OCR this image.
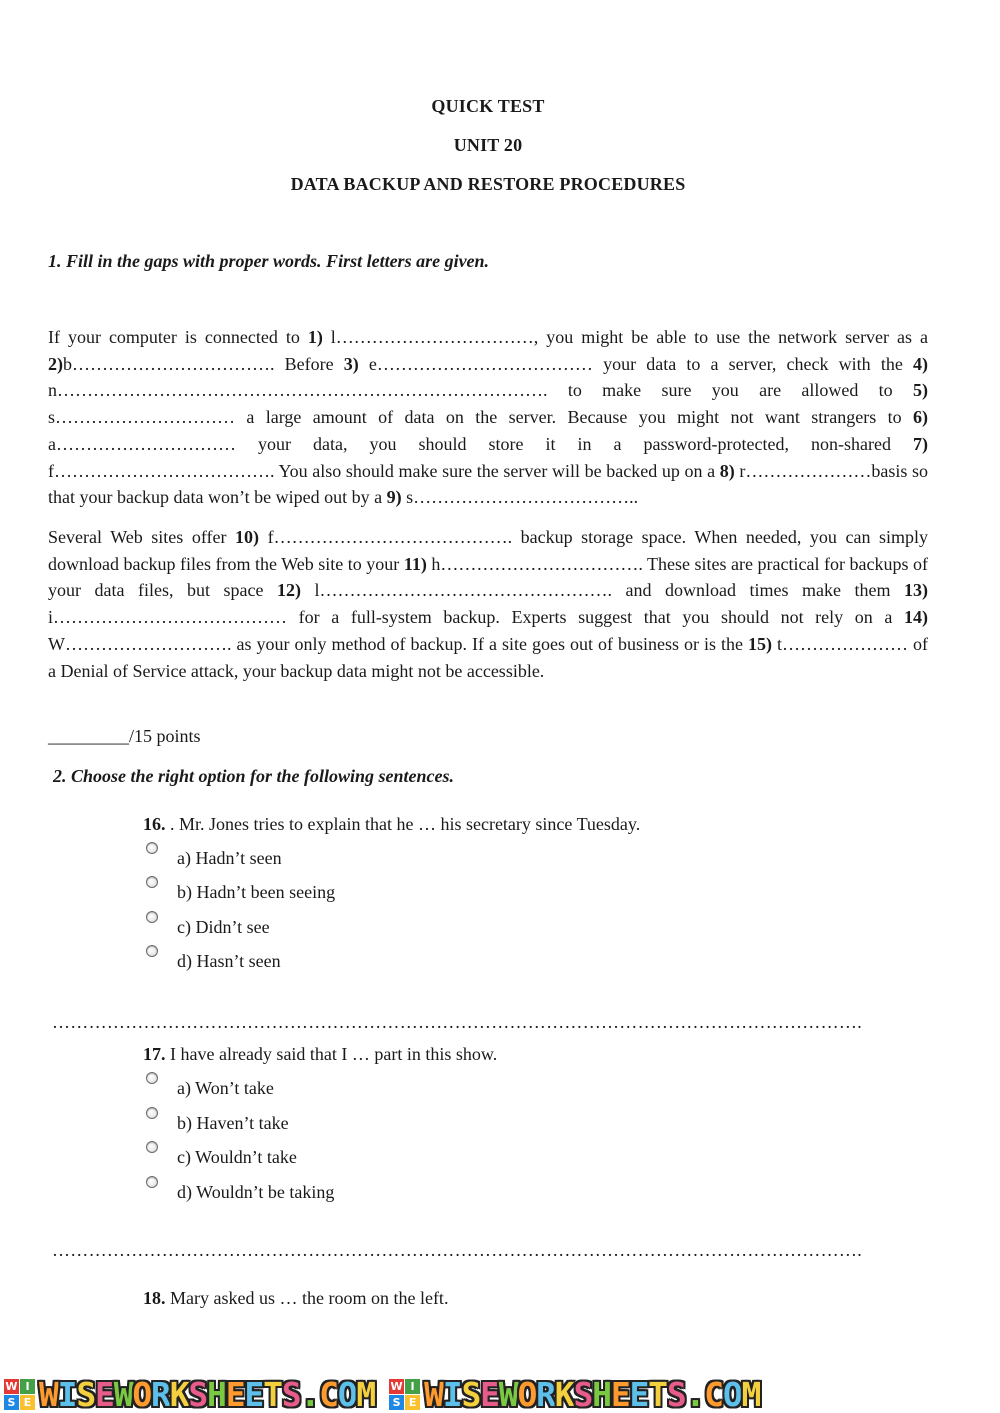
QUICK TEST
UNIT 20
DATA BACKUP AND RESTORE PROCEDURES
1. Fill in the gaps with proper words. First letters are given.
If your computer is connected to 1) l……………………………, you might be able to use the network server as a 2)b……………………………. Before 3) e……………………………… your data to a server, check with the 4) n………………………………………………………………………. to make sure you are allowed to 5) s………………………… a large amount of data on the server. Because you might not want strangers to 6) a………………………… your data, you should store it in a password-protected, non-shared 7) f………………………………. You also should make sure the server will be backed up on a 8) r…………………basis so that your backup data won’t be wiped out by a 9) s………………………………..
Several Web sites offer 10) f…………………………………. backup storage space. When needed, you can simply download backup files from the Web site to your 11) h……………………………. These sites are practical for backups of your data files, but space 12) l…………………………………………. and download times make them 13) i………………………………… for a full-system backup. Experts suggest that you should not rely on a 14) W………………………. as your only method of backup. If a site goes out of business or is the 15) t………………… of a Denial of Service attack, your backup data might not be accessible.
_________/15 points
2. Choose the right option for the following sentences.
16. . Mr. Jones tries to explain that he … his secretary since Tuesday.
a) Hadn’t seen
b) Hadn’t been seeing
c) Didn’t see
d) Hasn’t seen
…………………………………………………………………………………………………………………….
17. I have already said that I … part in this show.
a) Won’t take
b) Haven’t take
c) Wouldn’t take
d) Wouldn’t be taking
…………………………………………………………………………………………………………………….
18. Mary asked us … the room on the left.
W I
S E WISEWORKSHEETS.COM W I
S E WISEWORKSHEETS.COM
